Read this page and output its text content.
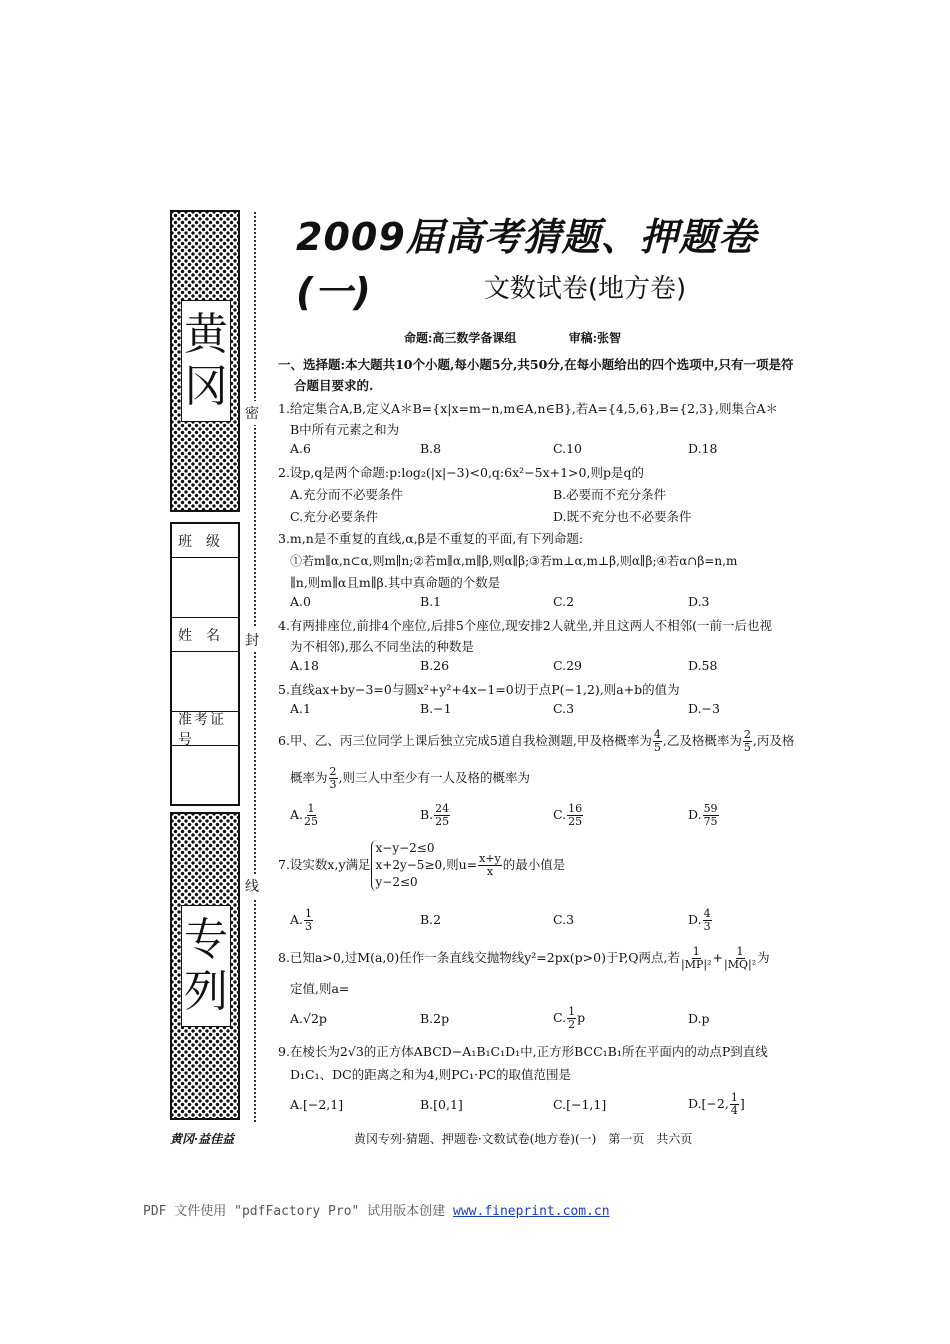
黄
冈
班　级
姓　名
准考证号
专
列
密
封
线
2009届高考猜题、押题卷(一)	文数试卷(地方卷)
命题:高三数学备课组	审稿:张智
一、选择题:本大题共10个小题,每小题5分,共50分,在每小题给出的四个选项中,只有一项是符
合题目要求的.
1.给定集合A,B,定义A＊B={x|x=m−n,m∈A,n∈B},若A={4,5,6},B={2,3},则集合A＊
B中所有元素之和为
A.6	B.8	C.10	D.18
2.设p,q是两个命题:p:log₂(|x|−3)<0,q:6x²−5x+1>0,则p是q的
A.充分而不必要条件	B.必要而不充分条件
C.充分必要条件	D.既不充分也不必要条件
3.m,n是不重复的直线,α,β是不重复的平面,有下列命题:
①若m∥α,n⊂α,则m∥n;②若m∥α,m∥β,则α∥β;③若m⊥α,m⊥β,则α∥β;④若α∩β=n,m
∥n,则m∥α且m∥β.其中真命题的个数是
A.0	B.1	C.2	D.3
4.有两排座位,前排4个座位,后排5个座位,现安排2人就坐,并且这两人不相邻(一前一后也视
为不相邻),那么不同坐法的种数是
A.18	B.26	C.29	D.58
5.直线ax+by−3=0与圆x²+y²+4x−1=0切于点P(−1,2),则a+b的值为
A.1	B.−1	C.3	D.−3
6.甲、乙、丙三位同学上课后独立完成5道自我检测题,甲及格概率为 $\frac{4}{5}$ ,乙及格概率为 $\frac{2}{5}$ ,丙及格
概率为 $\frac{2}{3}$ ,则三人中至少有一人及格的概率为
A. $\frac{1}{25}$	B. $\frac{24}{25}$	C. $\frac{16}{25}$	D. $\frac{59}{75}$
7.设实数x,y满足x−y−2≤0
x+2y−5≥0
y−2≤0,则$u= \frac{x+y}{x}$ 的最小值是
A. $\frac{1}{3}$	B.2	C.3	D. $\frac{4}{3}$
8.已知a>0,过M(a,0)任作一条直线交抛物线y²=2px(p>0)于P,Q两点,若 $\frac{1}{\text{|MP|²}} + \frac{1}{\text{|MQ|²}}$ 为
定值,则a=
A.√2p	B.2p	C. $\frac{1}{2}$ p	D.p
9.在棱长为2√3的正方体ABCD−A₁B₁C₁D₁中,正方形BCC₁B₁所在平面内的动点P到直线
D₁C₁、DC的距离之和为4,则PC₁·PC的取值范围是
A.[−2,1]	B.[0,1]	C.[−1,1]	D.[−2, $\frac{1}{4}$ ]
黄冈·益佳益	黄冈专列·猜题、押题卷·文数试卷(地方卷)(一)　第一页　共六页
PDF 文件使用 "pdfFactory Pro" 试用版本创建 www.fineprint.com.cn
